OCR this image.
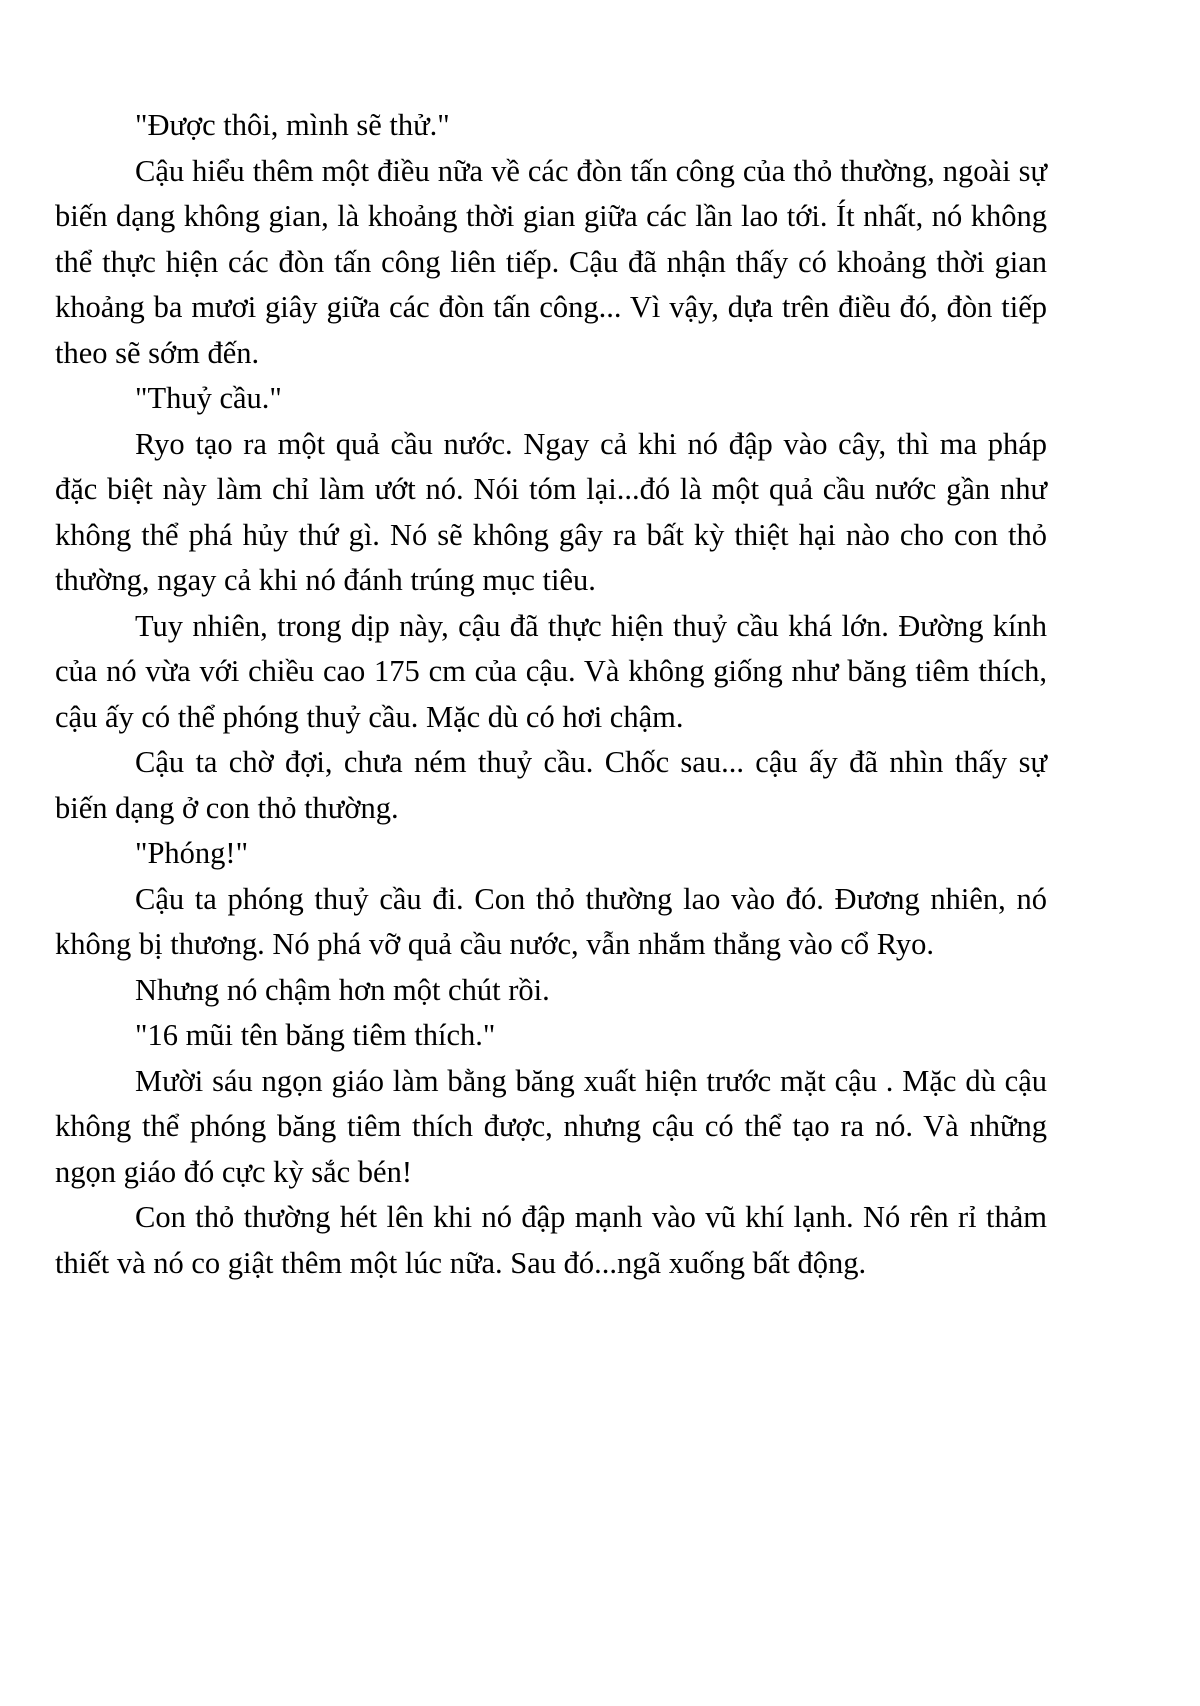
"Được thôi, mình sẽ thử."

Cậu hiểu thêm một điều nữa về các đòn tấn công của thỏ thường, ngoài sự biến dạng không gian, là khoảng thời gian giữa các lần lao tới. Ít nhất, nó không thể thực hiện các đòn tấn công liên tiếp. Cậu đã nhận thấy có khoảng thời gian khoảng ba mươi giây giữa các đòn tấn công... Vì vậy, dựa trên điều đó, đòn tiếp theo sẽ sớm đến.

"Thuỷ cầu."

Ryo tạo ra một quả cầu nước. Ngay cả khi nó đập vào cây, thì ma pháp đặc biệt này làm chỉ làm ướt nó. Nói tóm lại...đó là một quả cầu nước gần như không thể phá hủy thứ gì. Nó sẽ không gây ra bất kỳ thiệt hại nào cho con thỏ thường, ngay cả khi nó đánh trúng mục tiêu.

Tuy nhiên, trong dịp này, cậu đã thực hiện thuỷ cầu khá lớn. Đường kính của nó vừa với chiều cao 175 cm của cậu. Và không giống như băng tiêm thích, cậu ấy có thể phóng thuỷ cầu. Mặc dù có hơi chậm.

Cậu ta chờ đợi, chưa ném thuỷ cầu. Chốc sau... cậu ấy đã nhìn thấy sự biến dạng ở con thỏ thường.

"Phóng!"

Cậu ta phóng thuỷ cầu đi. Con thỏ thường lao vào đó. Đương nhiên, nó không bị thương. Nó phá vỡ quả cầu nước, vẫn nhắm thẳng vào cổ Ryo.

Nhưng nó chậm hơn một chút rồi.

"16 mũi tên băng tiêm thích."

Mười sáu ngọn giáo làm bằng băng xuất hiện trước mặt cậu . Mặc dù cậu không thể phóng băng tiêm thích được, nhưng cậu có thể tạo ra nó. Và những ngọn giáo đó cực kỳ sắc bén!

Con thỏ thường hét lên khi nó đập mạnh vào vũ khí lạnh. Nó rên rỉ thảm thiết và nó co giật thêm một lúc nữa. Sau đó...ngã xuống bất động.
